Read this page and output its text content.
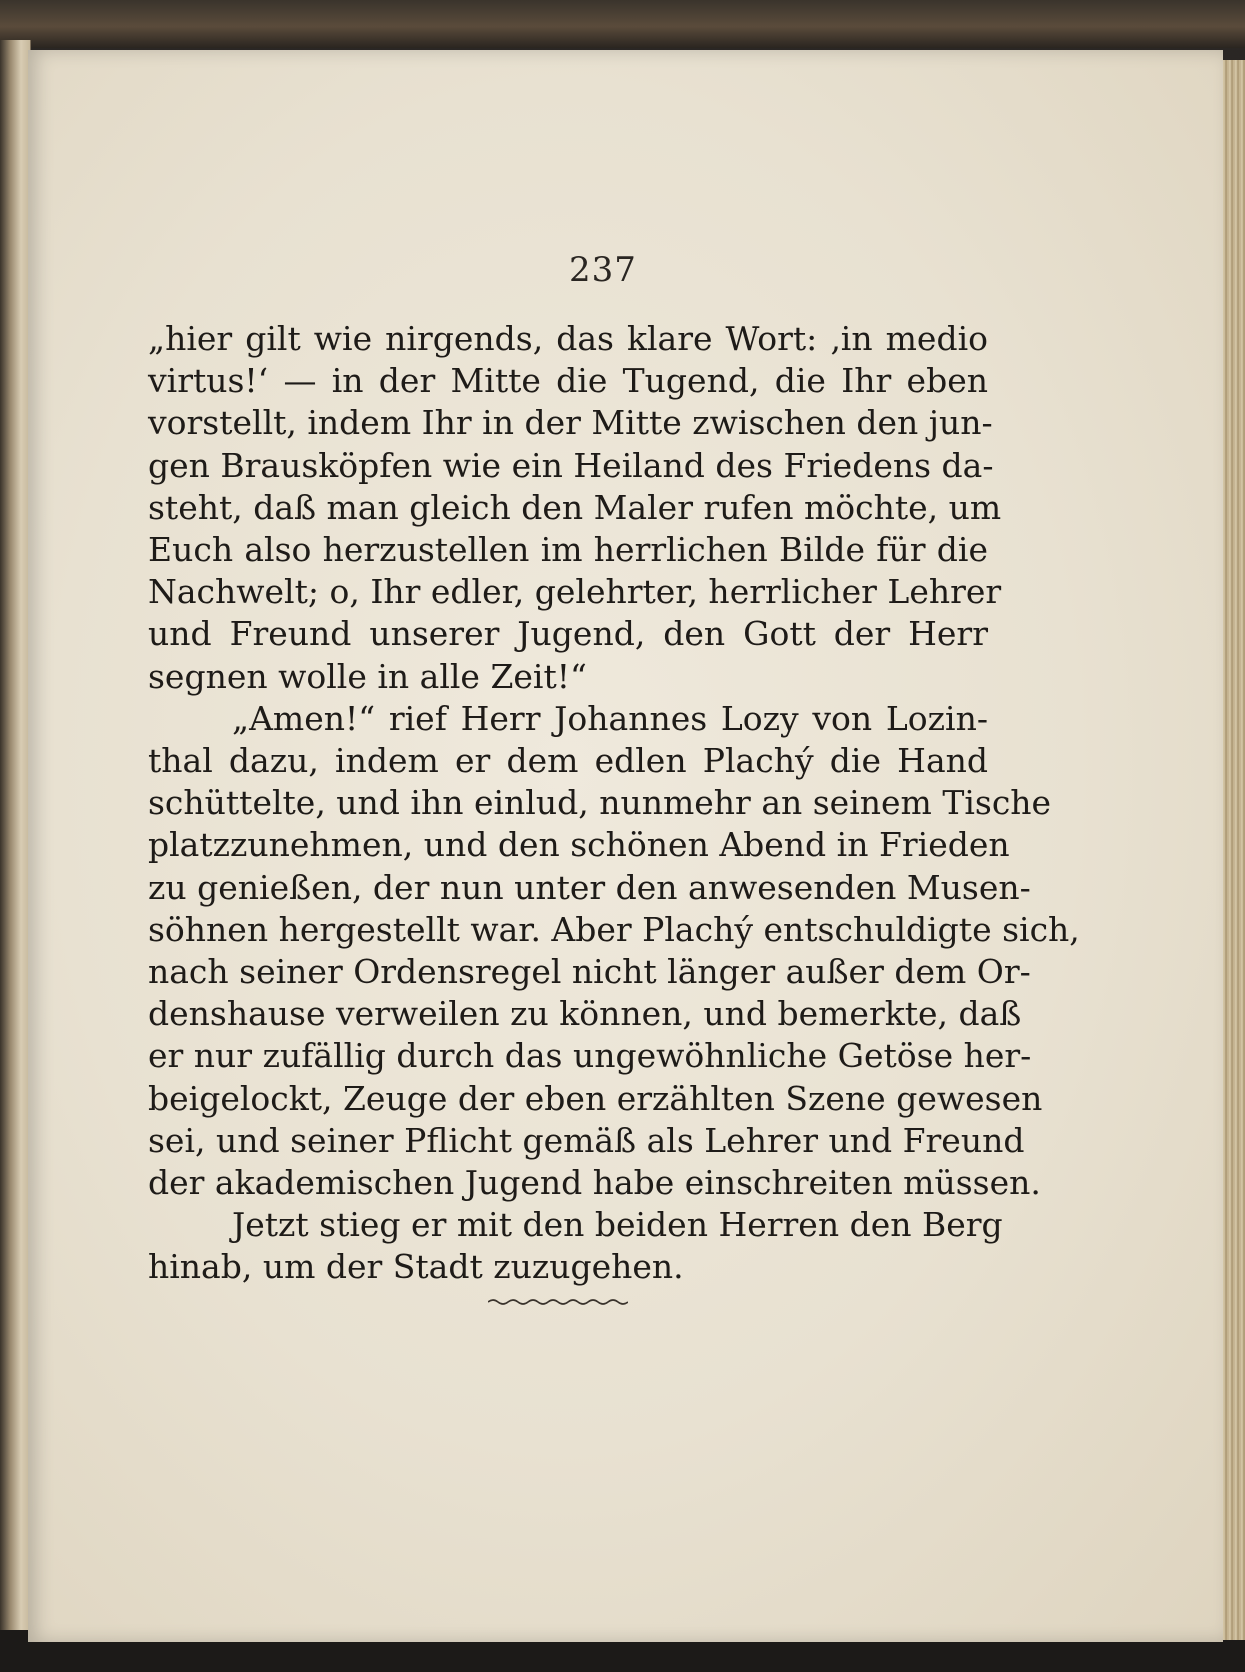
237
„hier gilt wie nirgends, das klare Wort: ‚in medio
virtus!‘ — in der Mitte die Tugend, die Ihr eben
vorstellt, indem Ihr in der Mitte zwischen den jun-
gen Brausköpfen wie ein Heiland des Friedens da-
steht, daß man gleich den Maler rufen möchte, um
Euch also herzustellen im herrlichen Bilde für die
Nachwelt; o, Ihr edler, gelehrter, herrlicher Lehrer
und Freund unserer Jugend, den Gott der Herr
segnen wolle in alle Zeit!“
„Amen!“ rief Herr Johannes Lozy von Lozin-
thal dazu, indem er dem edlen Plachý die Hand
schüttelte, und ihn einlud, nunmehr an seinem Tische
platzzunehmen, und den schönen Abend in Frieden
zu genießen, der nun unter den anwesenden Musen-
söhnen hergestellt war. Aber Plachý entschuldigte sich,
nach seiner Ordensregel nicht länger außer dem Or-
denshause verweilen zu können, und bemerkte, daß
er nur zufällig durch das ungewöhnliche Getöse her-
beigelockt, Zeuge der eben erzählten Szene gewesen
sei, und seiner Pflicht gemäß als Lehrer und Freund
der akademischen Jugend habe einschreiten müssen.
Jetzt stieg er mit den beiden Herren den Berg
hinab, um der Stadt zuzugehen.
